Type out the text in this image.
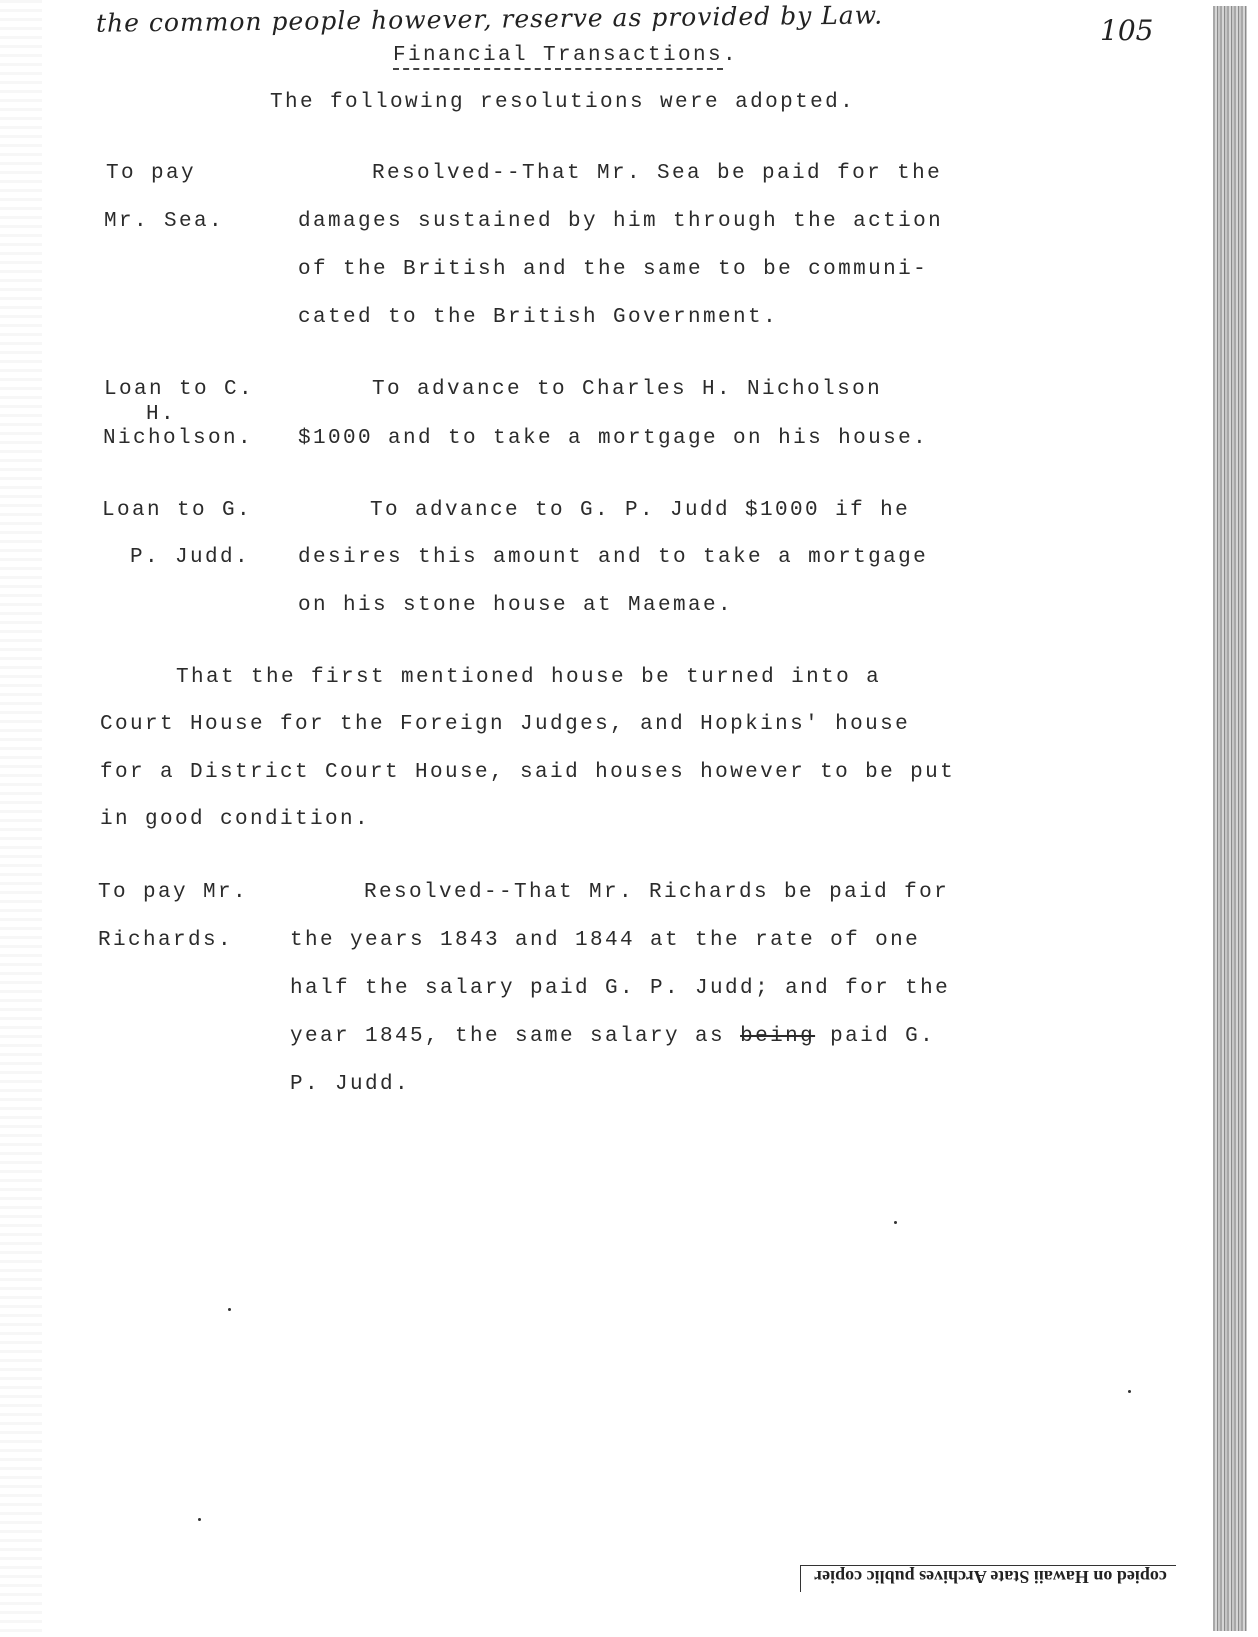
the common people however, reserve as provided by Law.	105
Financial Transactions .
The following resolutions were adopted.
To pay
Mr. Sea.
Resolved--That Mr. Sea be paid for the
damages sustained by him through the action
of the British and the same to be communi-
cated to the British Government.
Loan to C.
H.
Nicholson.
To advance to Charles H. Nicholson
$1000 and to take a mortgage on his house.
Loan to G.
P. Judd.
To advance to G. P. Judd $1000 if he
desires this amount and to take a mortgage
on his stone house at Maemae.
That the first mentioned house be turned into a
Court House for the Foreign Judges, and Hopkins' house
for a District Court House, said houses however to be put
in good condition.
To pay Mr.
Richards.
Resolved--That Mr. Richards be paid for
the years 1843 and 1844 at the rate of one
half the salary paid G. P. Judd; and for the
year 1845, the same salary as being paid G.
P. Judd.
copied on Hawaii State Archives public copier
